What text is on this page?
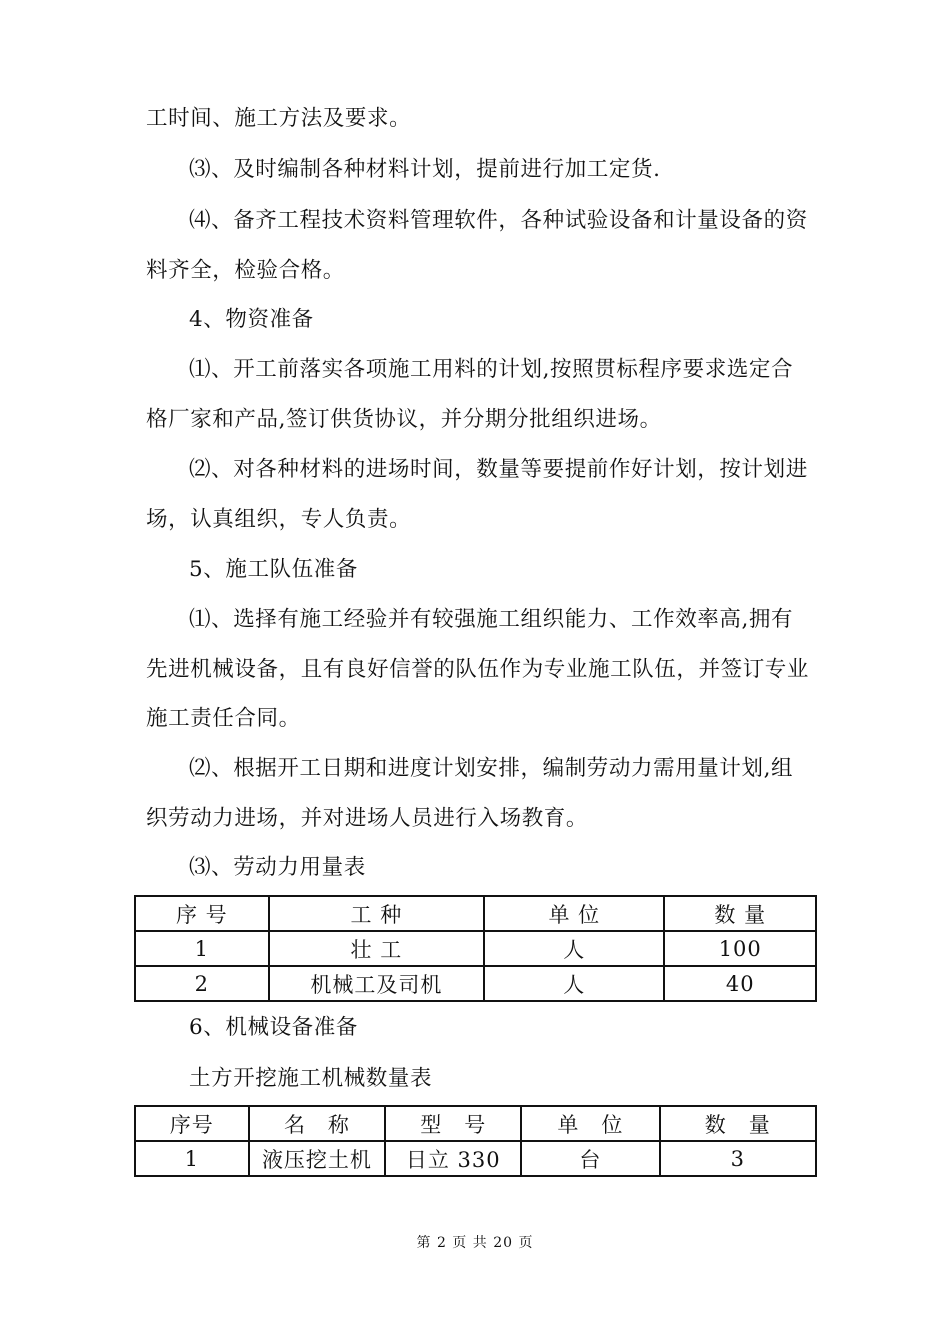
工时间、施工方法及要求。
⑶、及时编制各种材料计划，提前进行加工定货.
⑷、备齐工程技术资料管理软件，各种试验设备和计量设备的资
料齐全，检验合格。
4、物资准备
⑴、开工前落实各项施工用料的计划,按照贯标程序要求选定合
格厂家和产品,签订供货协议，并分期分批组织进场。
⑵、对各种材料的进场时间，数量等要提前作好计划，按计划进
场，认真组织，专人负责。
5、施工队伍准备
⑴、选择有施工经验并有较强施工组织能力、工作效率高,拥有
先进机械设备，且有良好信誉的队伍作为专业施工队伍，并签订专业
施工责任合同。
⑵、根据开工日期和进度计划安排，编制劳动力需用量计划,组
织劳动力进场，并对进场人员进行入场教育。
⑶、劳动力用量表
序 号	工 种	单 位	数 量
1	壮 工	人	100
2	机械工及司机	人	40
6、机械设备准备
土方开挖施工机械数量表
序号	名　称	型　号	单　位	数　量
1	液压挖土机	日立 330	台	3
第 2 页 共 20 页
